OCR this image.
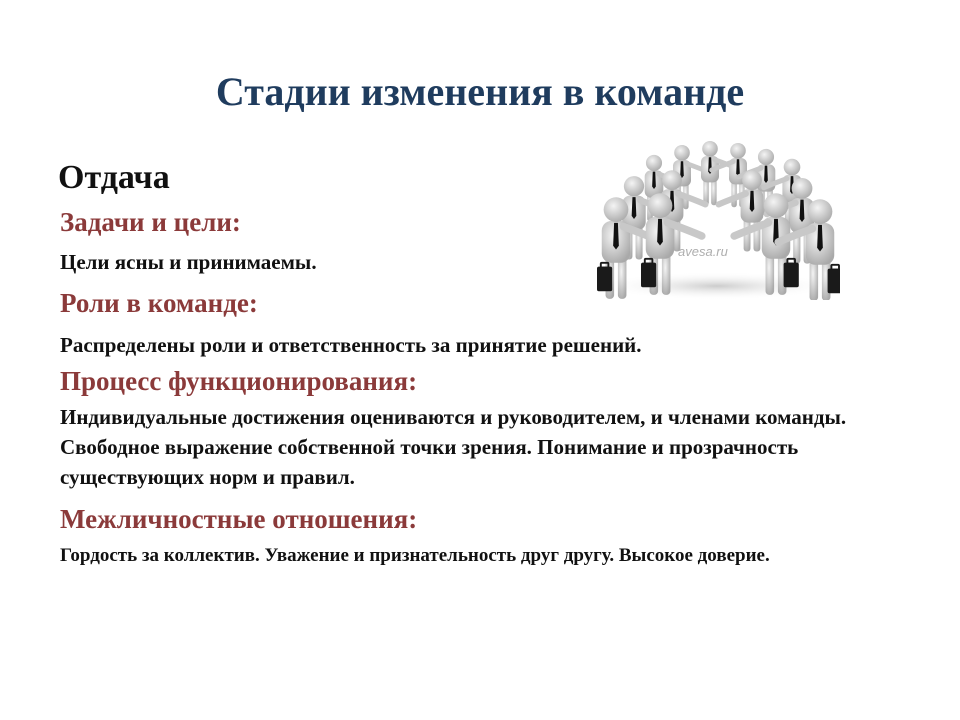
Стадии изменения в команде
Отдача

Задачи и цели:

Цели ясны и принимаемы.

Роли в команде:

Распределены роли и ответственность за принятие решений.

Процесс функционирования:

Индивидуальные достижения оцениваются и руководителем, и членами команды. Свободное выражение собственной точки зрения. Понимание и прозрачность существующих норм и правил.

Межличностные отношения:

Гордость за коллектив. Уважение и признательность друг другу. Высокое доверие.

avesa.ru
